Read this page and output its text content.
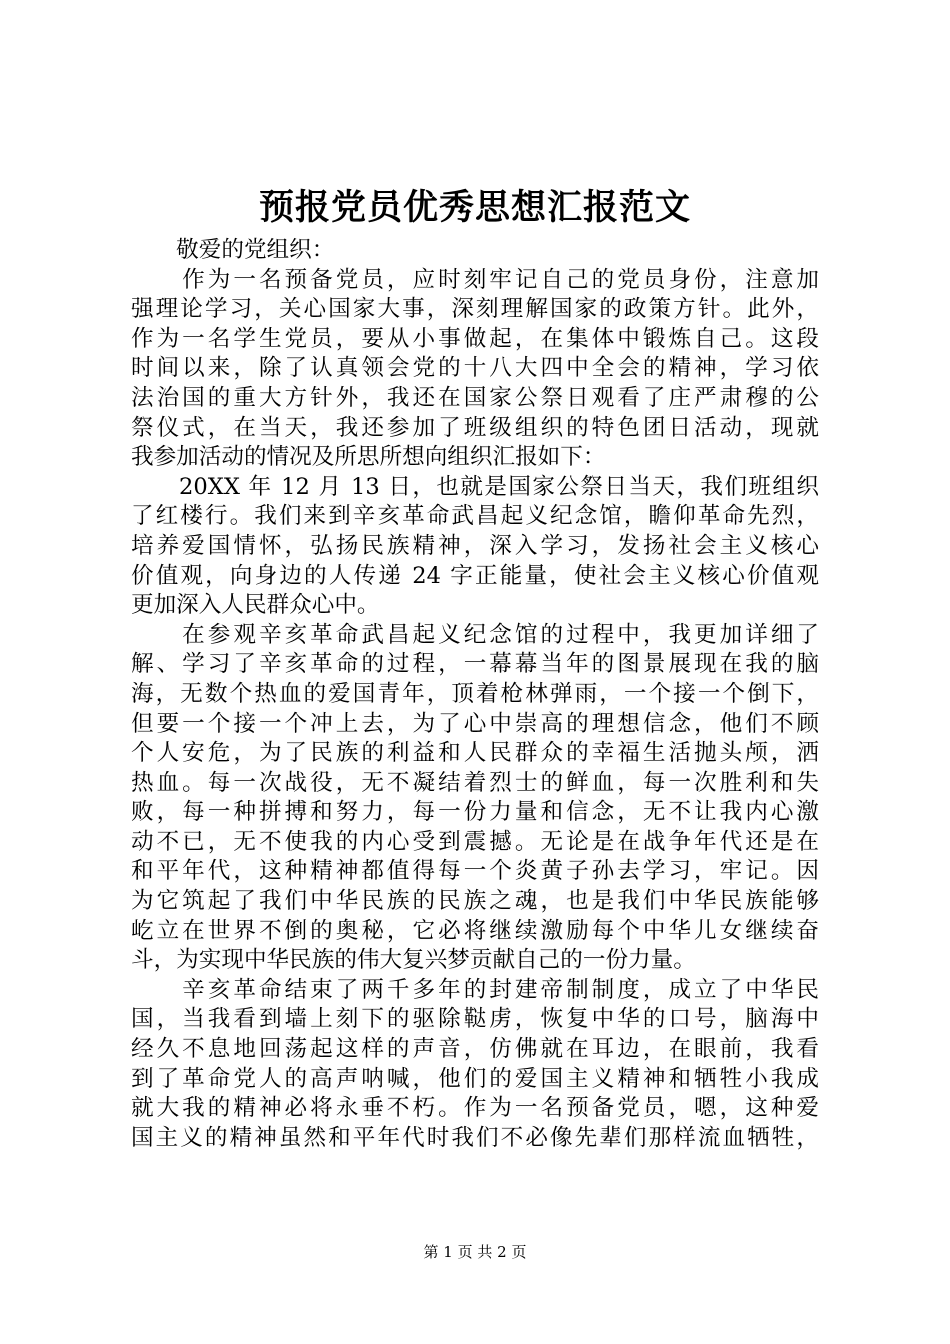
预报党员优秀思想汇报范文
　　敬爱的党组织：
　　作为一名预备党员，应时刻牢记自己的党员身份，注意加
强理论学习，关心国家大事，深刻理解国家的政策方针。此外，
作为一名学生党员，要从小事做起，在集体中锻炼自己。这段
时间以来，除了认真领会党的十八大四中全会的精神，学习依
法治国的重大方针外，我还在国家公祭日观看了庄严肃穆的公
祭仪式，在当天，我还参加了班级组织的特色团日活动，现就
我参加活动的情况及所思所想向组织汇报如下：
　　20XX 年 12 月 13 日，也就是国家公祭日当天，我们班组织
了红楼行。我们来到辛亥革命武昌起义纪念馆，瞻仰革命先烈，
培养爱国情怀，弘扬民族精神，深入学习，发扬社会主义核心
价值观，向身边的人传递 24 字正能量，使社会主义核心价值观
更加深入人民群众心中。
　　在参观辛亥革命武昌起义纪念馆的过程中，我更加详细了
解、学习了辛亥革命的过程，一幕幕当年的图景展现在我的脑
海，无数个热血的爱国青年，顶着枪林弹雨，一个接一个倒下，
但要一个接一个冲上去，为了心中崇高的理想信念，他们不顾
个人安危，为了民族的利益和人民群众的幸福生活抛头颅，洒
热血。每一次战役，无不凝结着烈士的鲜血，每一次胜利和失
败，每一种拼搏和努力，每一份力量和信念，无不让我内心激
动不已，无不使我的内心受到震撼。无论是在战争年代还是在
和平年代，这种精神都值得每一个炎黄子孙去学习，牢记。因
为它筑起了我们中华民族的民族之魂，也是我们中华民族能够
屹立在世界不倒的奥秘，它必将继续激励每个中华儿女继续奋
斗，为实现中华民族的伟大复兴梦贡献自己的一份力量。
　　辛亥革命结束了两千多年的封建帝制制度，成立了中华民
国，当我看到墙上刻下的驱除鞑虏，恢复中华的口号，脑海中
经久不息地回荡起这样的声音，仿佛就在耳边，在眼前，我看
到了革命党人的高声呐喊，他们的爱国主义精神和牺牲小我成
就大我的精神必将永垂不朽。作为一名预备党员，嗯，这种爱
国主义的精神虽然和平年代时我们不必像先辈们那样流血牺牲，
第 1 页 共 2 页
